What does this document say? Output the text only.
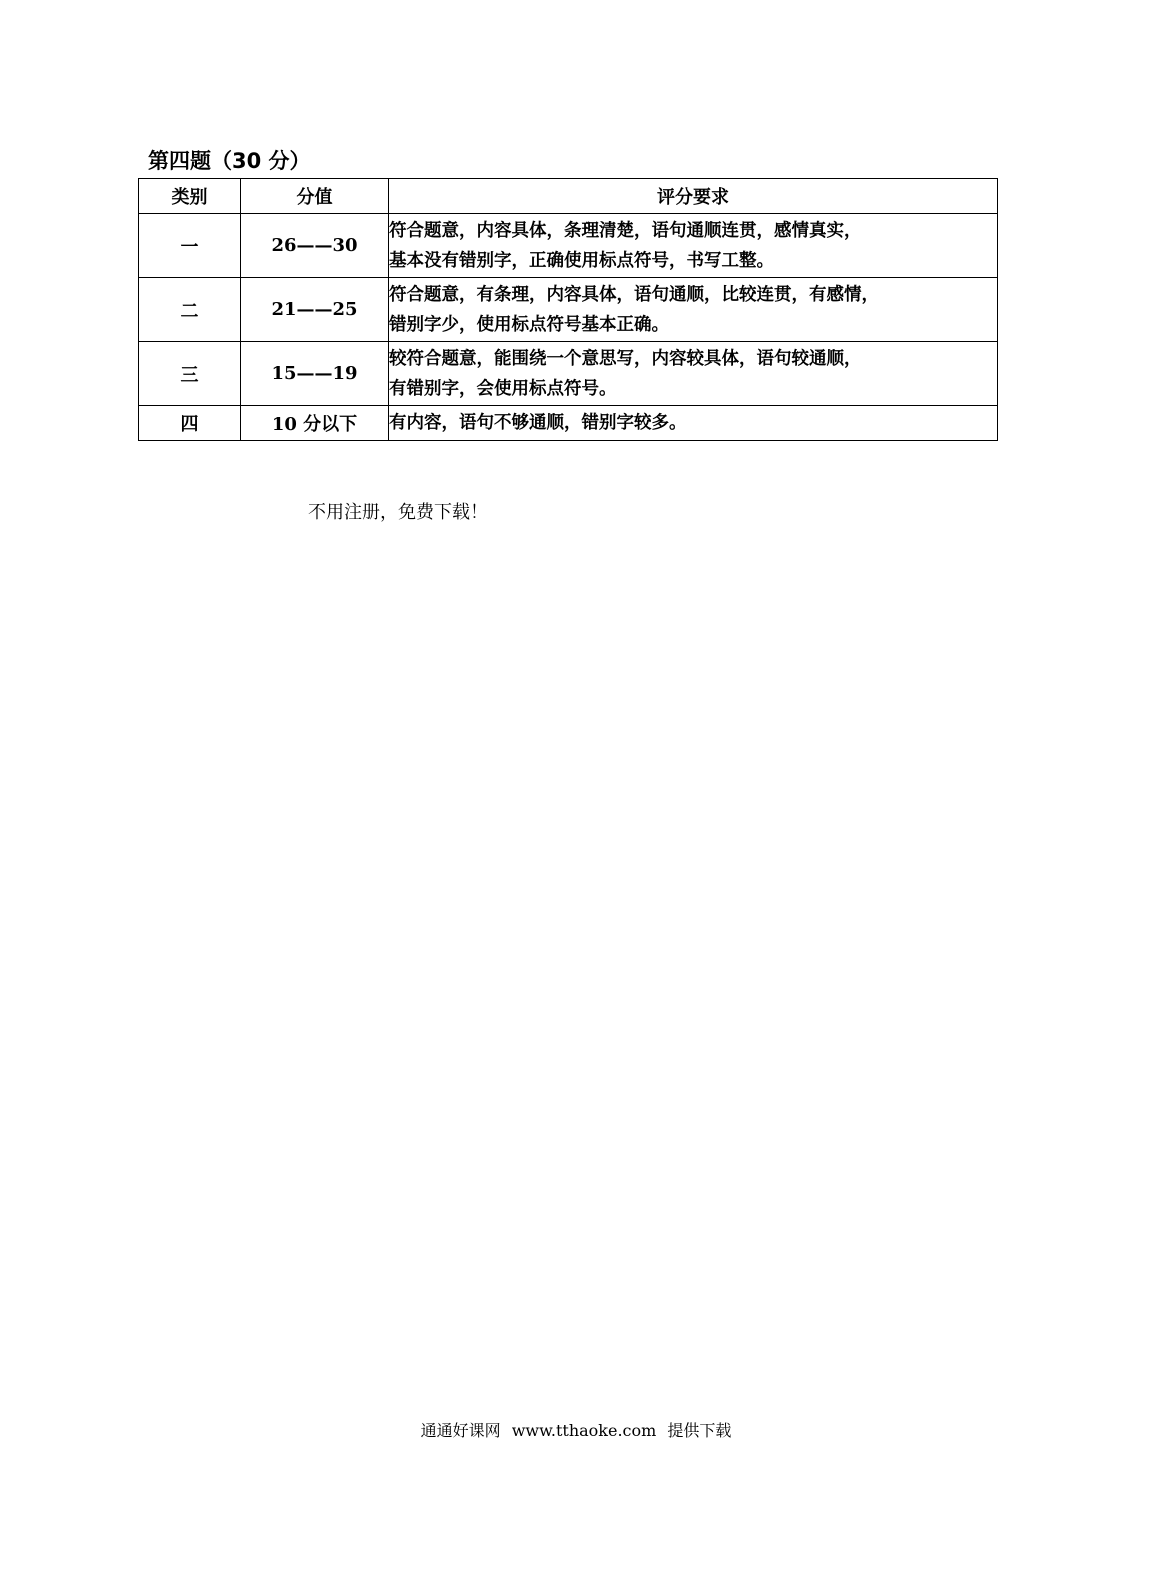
第四题（30 分）
类别	分值	评分要求
一	26——30	符合题意，内容具体，条理清楚，语句通顺连贯，感情真实，
基本没有错别字，正确使用标点符号，书写工整。

二	21——25	符合题意，有条理，内容具体，语句通顺，比较连贯，有感情，
错别字少，使用标点符号基本正确。

三	15——19	较符合题意，能围绕一个意思写，内容较具体，语句较通顺，
有错别字，会使用标点符号。

四	10 分以下	有内容，语句不够通顺，错别字较多。
不用注册，免费下载！
通通好课网 www.tthaoke.com 提供下载
